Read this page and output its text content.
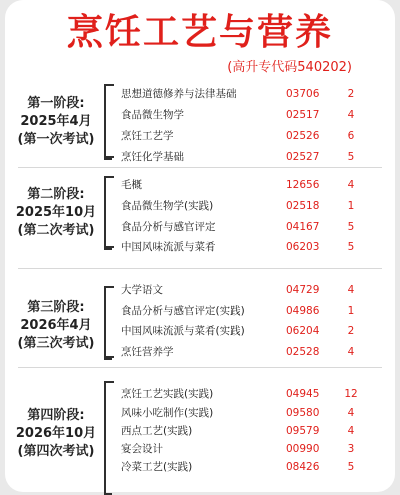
烹饪工艺与营养
(高升专代码540202)
第一阶段:
2025年4月
(第一次考试)
思想道德修养与法律基础	03706	2
食品微生物学	02517	4
烹饪工艺学	02526	6
烹饪化学基础	02527	5
第二阶段:
2025年10月
(第二次考试)
毛概	12656	4
食品微生物学(实践)	02518	1
食品分析与感官评定	04167	5
中国风味流派与菜肴	06203	5
第三阶段:
2026年4月
(第三次考试)
大学语文	04729	4
食品分析与感官评定(实践)	04986	1
中国风味流派与菜肴(实践)	06204	2
烹饪营养学	02528	4
第四阶段:
2026年10月
(第四次考试)
烹饪工艺实践(实践)	04945	12
风味小吃制作(实践)	09580	4
西点工艺(实践)	09579	4
宴会设计	00990	3
冷菜工艺(实践)	08426	5
